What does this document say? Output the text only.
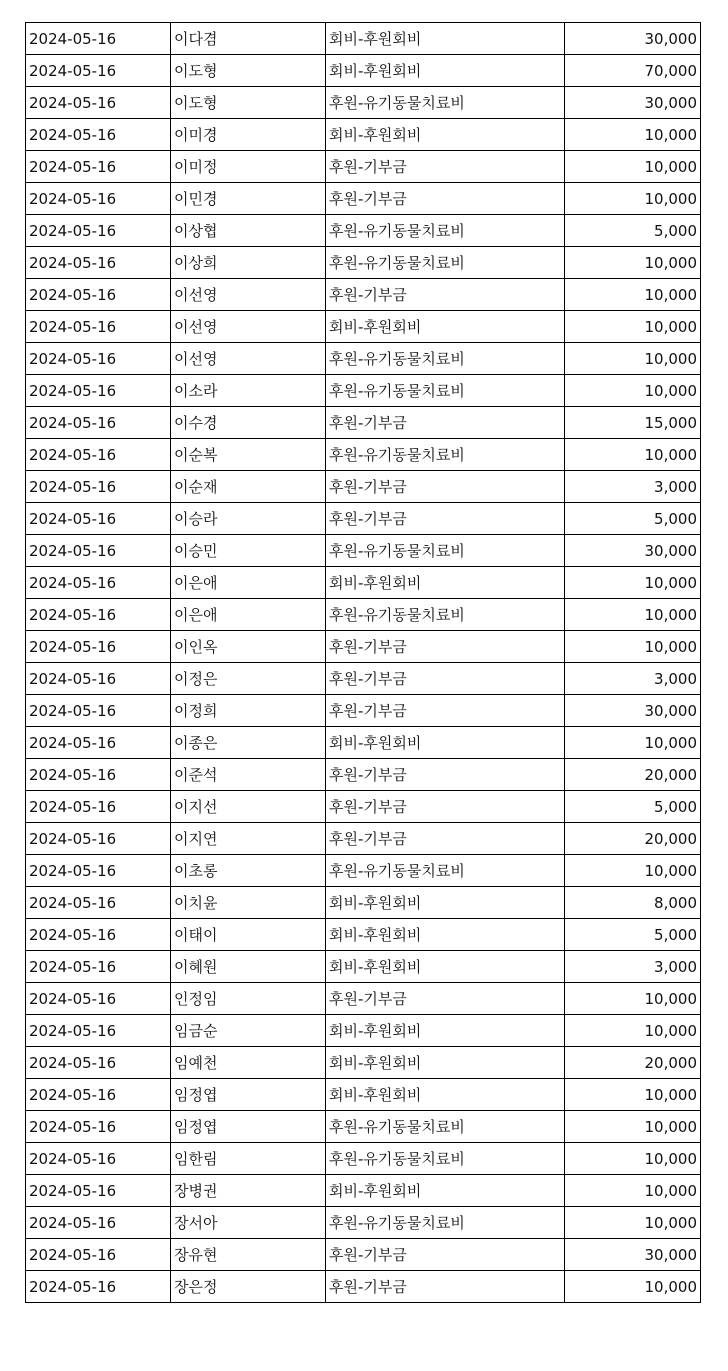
2024-05-16	이다겸	회비-후원회비	30,000
2024-05-16	이도형	회비-후원회비	70,000
2024-05-16	이도형	후원-유기동물치료비	30,000
2024-05-16	이미경	회비-후원회비	10,000
2024-05-16	이미정	후원-기부금	10,000
2024-05-16	이민경	후원-기부금	10,000
2024-05-16	이상협	후원-유기동물치료비	5,000
2024-05-16	이상희	후원-유기동물치료비	10,000
2024-05-16	이선영	후원-기부금	10,000
2024-05-16	이선영	회비-후원회비	10,000
2024-05-16	이선영	후원-유기동물치료비	10,000
2024-05-16	이소라	후원-유기동물치료비	10,000
2024-05-16	이수경	후원-기부금	15,000
2024-05-16	이순복	후원-유기동물치료비	10,000
2024-05-16	이순재	후원-기부금	3,000
2024-05-16	이승라	후원-기부금	5,000
2024-05-16	이승민	후원-유기동물치료비	30,000
2024-05-16	이은애	회비-후원회비	10,000
2024-05-16	이은애	후원-유기동물치료비	10,000
2024-05-16	이인옥	후원-기부금	10,000
2024-05-16	이정은	후원-기부금	3,000
2024-05-16	이정희	후원-기부금	30,000
2024-05-16	이종은	회비-후원회비	10,000
2024-05-16	이준석	후원-기부금	20,000
2024-05-16	이지선	후원-기부금	5,000
2024-05-16	이지연	후원-기부금	20,000
2024-05-16	이초롱	후원-유기동물치료비	10,000
2024-05-16	이치윤	회비-후원회비	8,000
2024-05-16	이태이	회비-후원회비	5,000
2024-05-16	이혜원	회비-후원회비	3,000
2024-05-16	인정임	후원-기부금	10,000
2024-05-16	임금순	회비-후원회비	10,000
2024-05-16	임예천	회비-후원회비	20,000
2024-05-16	임정엽	회비-후원회비	10,000
2024-05-16	임정엽	후원-유기동물치료비	10,000
2024-05-16	임한림	후원-유기동물치료비	10,000
2024-05-16	장병권	회비-후원회비	10,000
2024-05-16	장서아	후원-유기동물치료비	10,000
2024-05-16	장유현	후원-기부금	30,000
2024-05-16	장은정	후원-기부금	10,000
